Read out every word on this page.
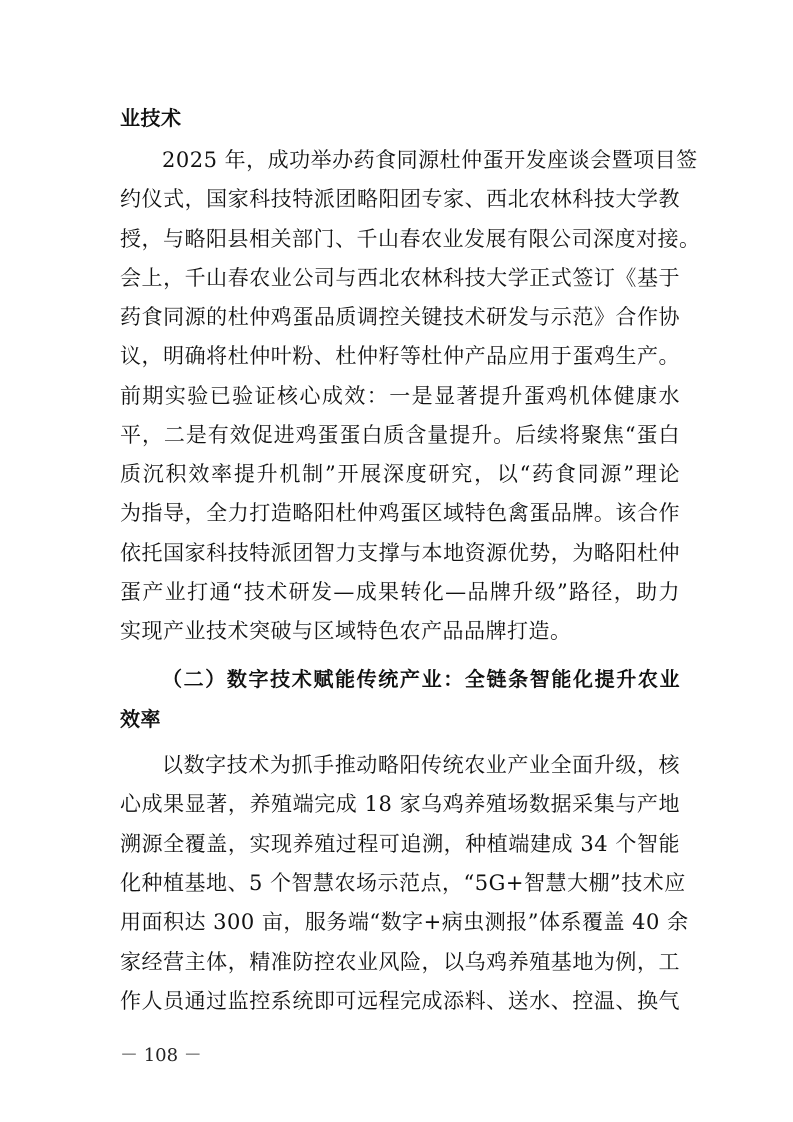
业技术
2025 年，成功举办药食同源杜仲蛋开发座谈会暨项目签
约仪式，国家科技特派团略阳团专家、西北农林科技大学教
授，与略阳县相关部门、千山春农业发展有限公司深度对接。
会上，千山春农业公司与西北农林科技大学正式签订《基于
药食同源的杜仲鸡蛋品质调控关键技术研发与示范》合作协
议，明确将杜仲叶粉、杜仲籽等杜仲产品应用于蛋鸡生产。
前期实验已验证核心成效：一是显著提升蛋鸡机体健康水
平，二是有效促进鸡蛋蛋白质含量提升。后续将聚焦“蛋白
质沉积效率提升机制”开展深度研究，以“药食同源”理论
为指导，全力打造略阳杜仲鸡蛋区域特色禽蛋品牌。该合作
依托国家科技特派团智力支撑与本地资源优势，为略阳杜仲
蛋产业打通“技术研发—成果转化—品牌升级”路径，助力
实现产业技术突破与区域特色农产品品牌打造。
（二）数字技术赋能传统产业：全链条智能化提升农业
效率
以数字技术为抓手推动略阳传统农业产业全面升级，核
心成果显著，养殖端完成 18 家乌鸡养殖场数据采集与产地
溯源全覆盖，实现养殖过程可追溯，种植端建成 34 个智能
化种植基地、5 个智慧农场示范点，“5G+智慧大棚”技术应
用面积达 300 亩，服务端“数字+病虫测报”体系覆盖 40 余
家经营主体，精准防控农业风险，以乌鸡养殖基地为例，工
作人员通过监控系统即可远程完成添料、送水、控温、换气
－ 108 －
